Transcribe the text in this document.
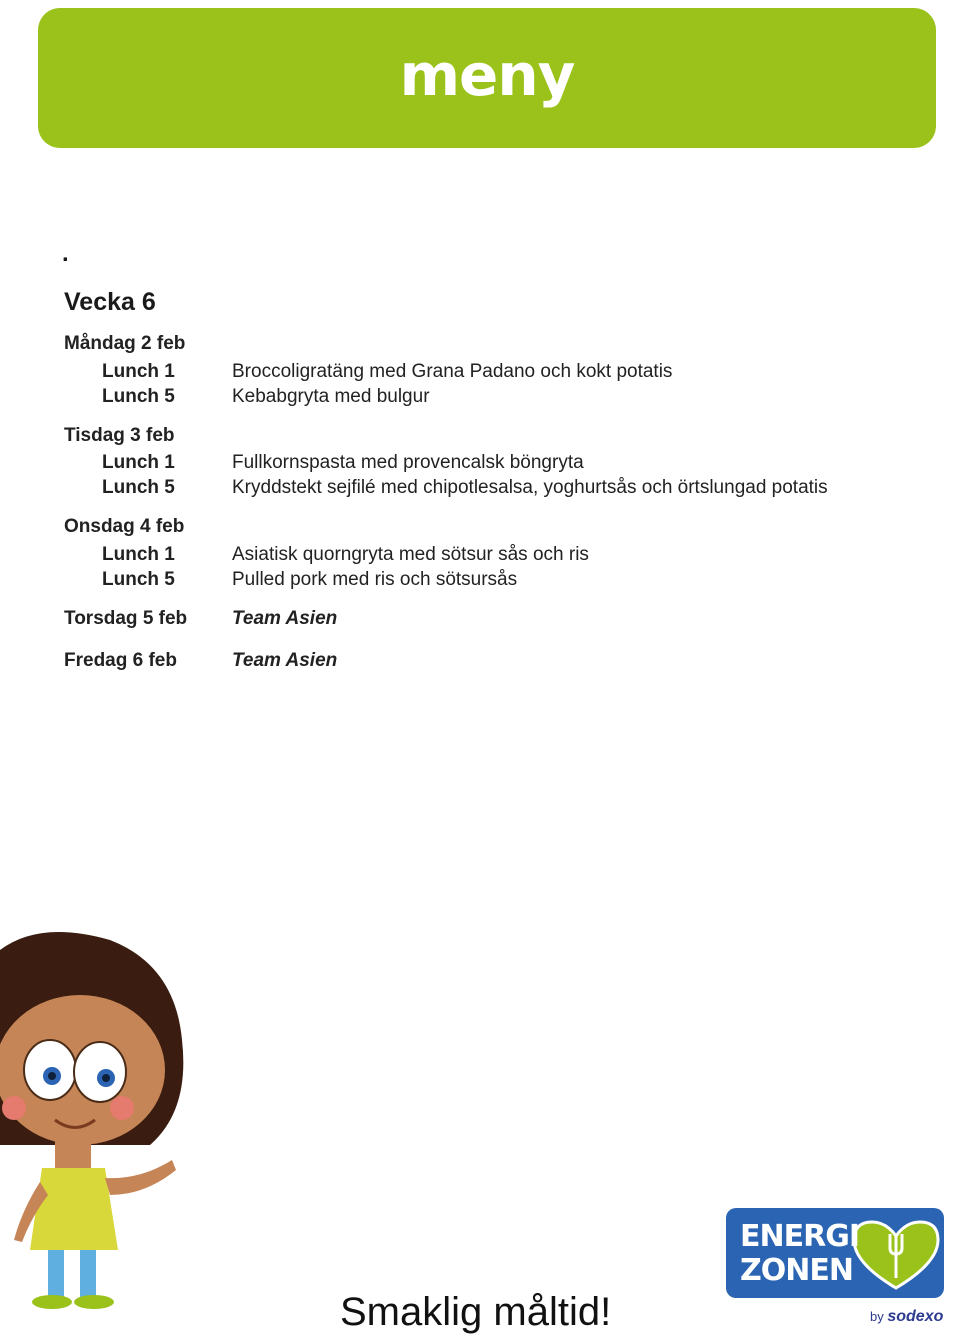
meny
.
Vecka 6
Måndag 2 feb
Lunch 1	Broccoligratäng med Grana Padano och kokt potatis
Lunch 5	Kebabgryta med bulgur
Tisdag 3 feb
Lunch 1	Fullkornspasta med provencalsk böngryta
Lunch 5	Kryddstekt sejfilé med chipotlesalsa, yoghurtsås och örtslungad potatis
Onsdag 4 feb
Lunch 1	Asiatisk quorngryta med sötsur sås och ris
Lunch 5	Pulled pork med ris och sötsursås
Torsdag 5 feb Team Asien
Fredag 6 feb	Team Asien
ENERGI
ZONEN
by sodexo
Smaklig måltid!
